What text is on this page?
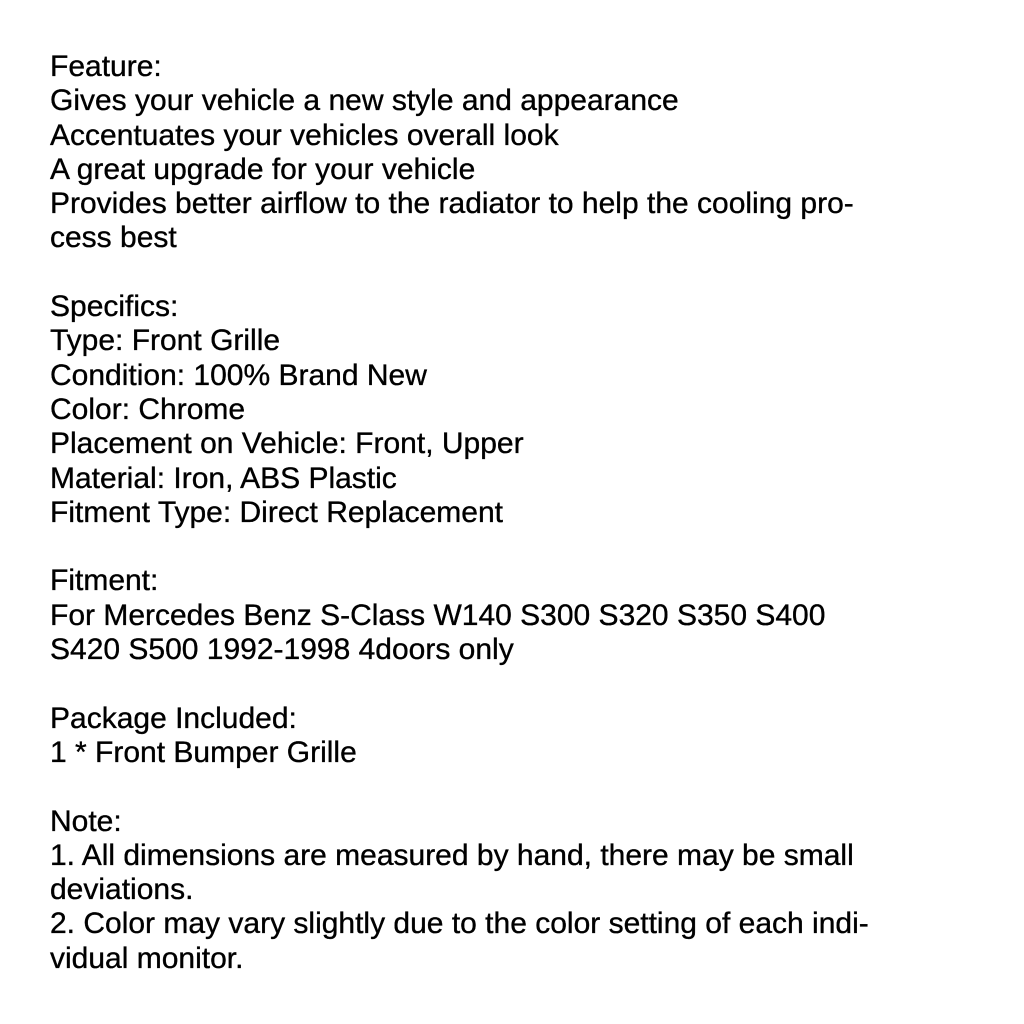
Feature:
Gives your vehicle a new style and appearance
Accentuates your vehicles overall look
A great upgrade for your vehicle
Provides better airflow to the radiator to help the cooling pro-
cess best
Specifics:
Type: Front Grille
Condition: 100% Brand New
Color: Chrome
Placement on Vehicle: Front, Upper
Material: Iron, ABS Plastic
Fitment Type: Direct Replacement
Fitment:
For Mercedes Benz S-Class W140 S300 S320 S350 S400
S420 S500 1992-1998 4doors only
Package Included:
1 * Front Bumper Grille
Note:
1. All dimensions are measured by hand, there may be small
deviations.
2. Color may vary slightly due to the color setting of each indi-
vidual monitor.
